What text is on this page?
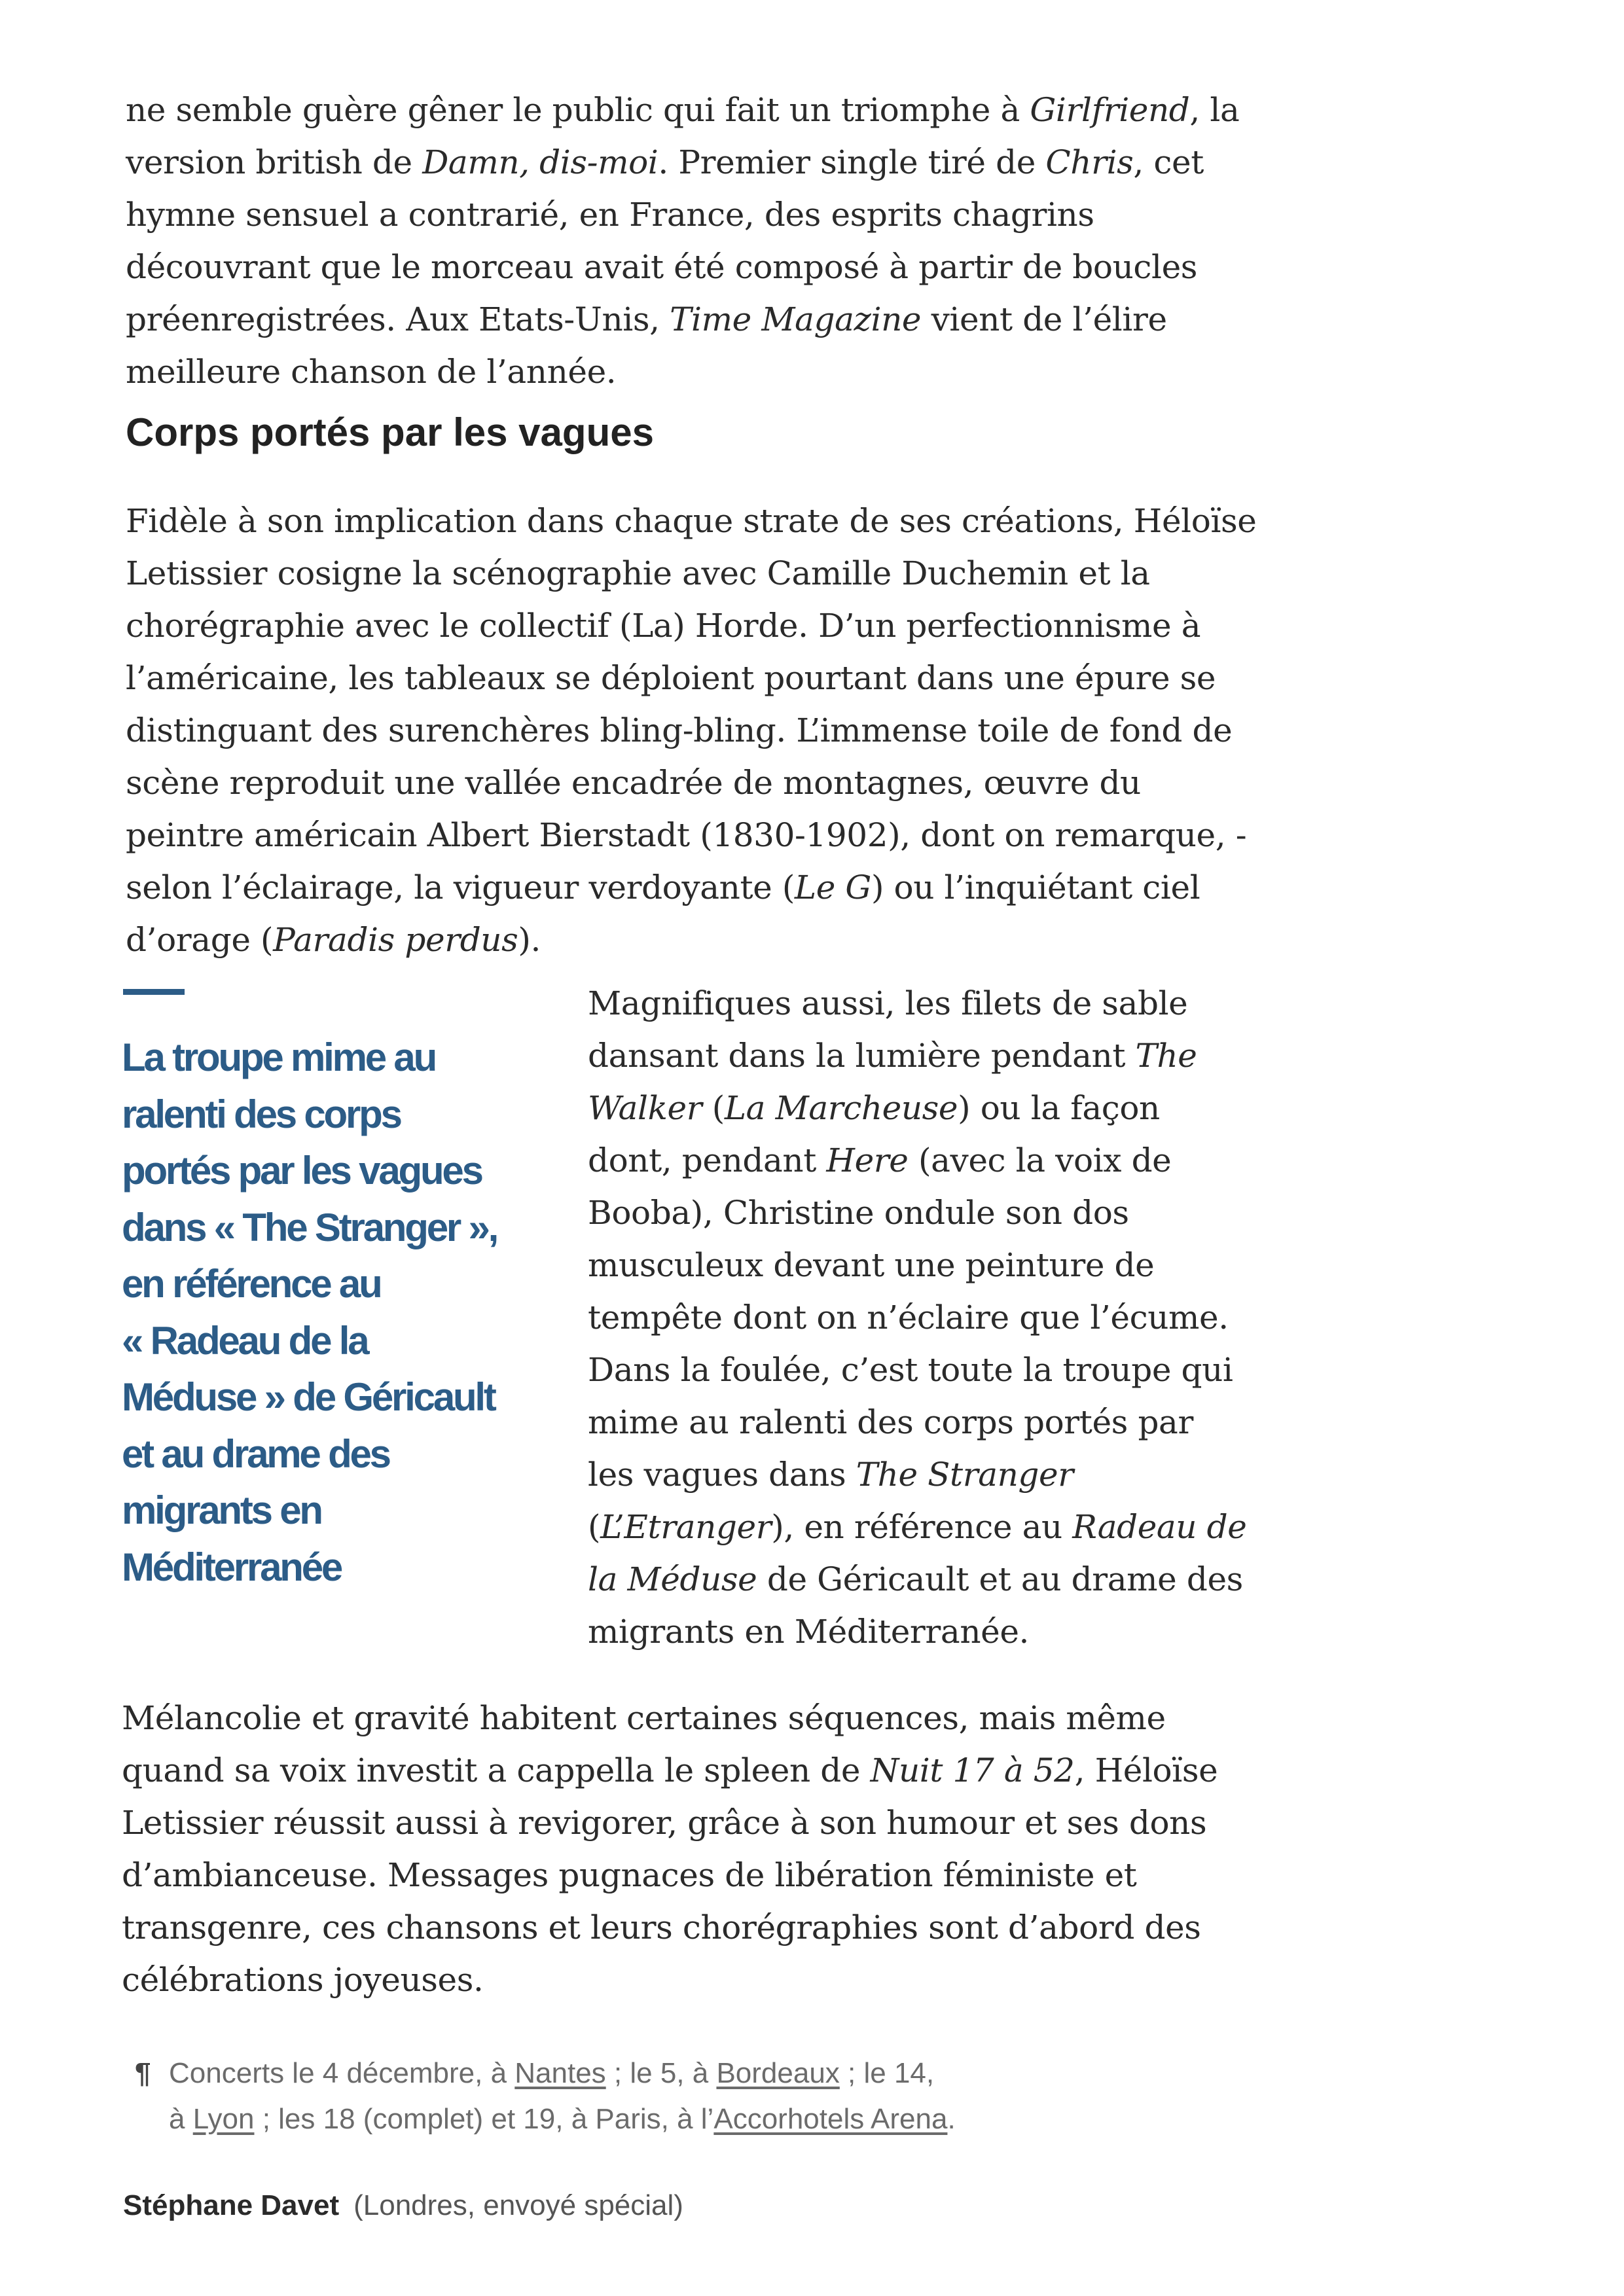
ne semble guère gêner le public qui fait un triomphe à Girlfriend, la
version british de Damn, dis-moi. Premier single tiré de Chris, cet
hymne sensuel a contrarié, en France, des esprits chagrins
découvrant que le morceau avait été composé à partir de boucles
préenregistrées. Aux Etats-Unis, Time Magazine vient de l’élire
meilleure chanson de l’année.
Corps portés par les vagues
Fidèle à son implication dans chaque strate de ses créations, Héloïse
Letissier cosigne la scénographie avec Camille Duchemin et la
chorégraphie avec le collectif (La) Horde. D’un perfectionnisme à
l’américaine, les tableaux se déploient pourtant dans une épure se
distinguant des surenchères bling-bling. L’immense toile de fond de
scène reproduit une vallée encadrée de montagnes, œuvre du
peintre américain Albert Bierstadt (1830-1902), dont on remarque, -
selon l’éclairage, la vigueur verdoyante (Le G) ou l’inquiétant ciel
d’orage (Paradis perdus).
La troupe mime au
ralenti des corps
portés par les vagues
dans « The Stranger »,
en référence au
« Radeau de la
Méduse » de Géricault
et au drame des
migrants en
Méditerranée
Magnifiques aussi, les filets de sable
dansant dans la lumière pendant The
Walker (La Marcheuse) ou la façon
dont, pendant Here (avec la voix de
Booba), Christine ondule son dos
musculeux devant une peinture de
tempête dont on n’éclaire que l’écume.
Dans la foulée, c’est toute la troupe qui
mime au ralenti des corps portés par
les vagues dans The Stranger
(L’Etranger), en référence au Radeau de
la Méduse de Géricault et au drame des
migrants en Méditerranée.
Mélancolie et gravité habitent certaines séquences, mais même
quand sa voix investit a cappella le spleen de Nuit 17 à 52, Héloïse
Letissier réussit aussi à revigorer, grâce à son humour et ses dons
d’ambianceuse. Messages pugnaces de libération féministe et
transgenre, ces chansons et leurs chorégraphies sont d’abord des
célébrations joyeuses.
¶ Concerts le 4 décembre, à Nantes ; le 5, à Bordeaux ; le 14,
à Lyon ; les 18 (complet) et 19, à Paris, à l’Accorhotels Arena.
Stéphane Davet (Londres, envoyé spécial)
